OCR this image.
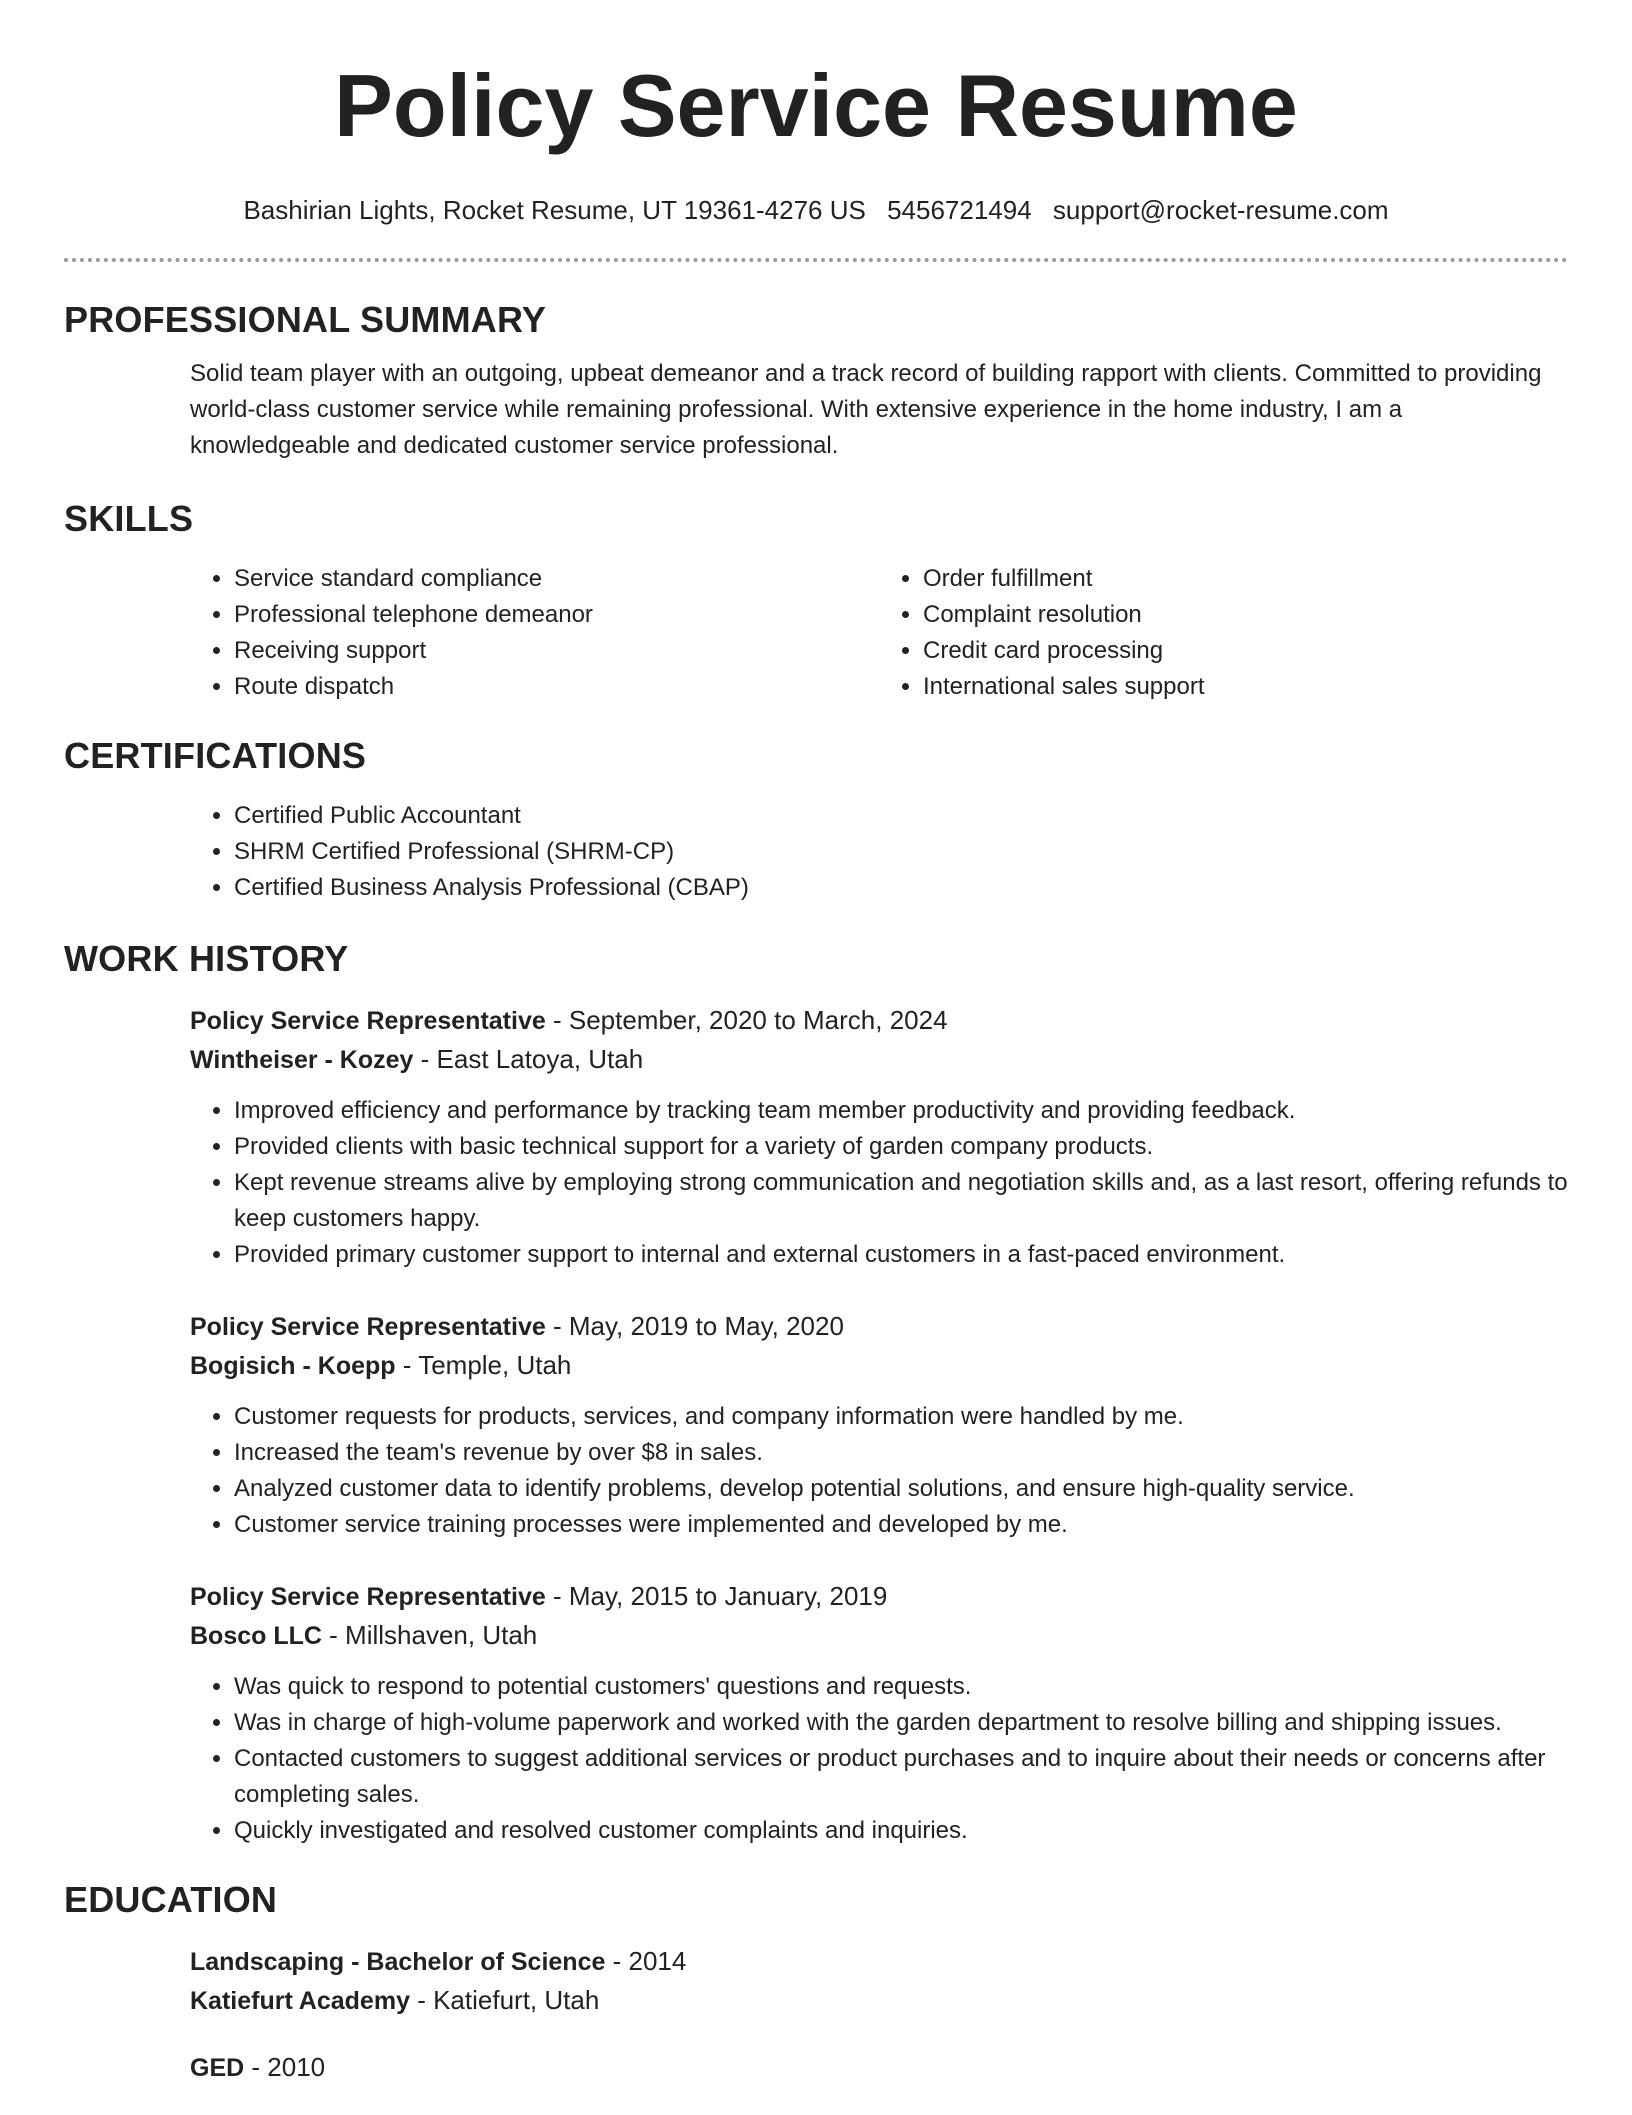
Policy Service Resume
Bashirian Lights, Rocket Resume, UT 19361-4276 US 5456721494 support@rocket-resume.com
PROFESSIONAL SUMMARY

Solid team player with an outgoing, upbeat demeanor and a track record of building rapport with clients. Committed to providing world-class customer service while remaining professional. With extensive experience in the home industry, I am a knowledgeable and dedicated customer service professional.

SKILLS
• Service standard compliance
• Professional telephone demeanor
• Receiving support
• Route dispatch
• Order fulfillment
• Complaint resolution
• Credit card processing
• International sales support
CERTIFICATIONS
• Certified Public Accountant
• SHRM Certified Professional (SHRM-CP)
• Certified Business Analysis Professional (CBAP)
WORK HISTORY
Policy Service Representative - September, 2020 to March, 2024
Wintheiser - Kozey - East Latoya, Utah
• Improved efficiency and performance by tracking team member productivity and providing feedback.
• Provided clients with basic technical support for a variety of garden company products.
• Kept revenue streams alive by employing strong communication and negotiation skills and, as a last resort, offering refunds to keep customers happy.
• Provided primary customer support to internal and external customers in a fast-paced environment.
Policy Service Representative - May, 2019 to May, 2020
Bogisich - Koepp - Temple, Utah
• Customer requests for products, services, and company information were handled by me.
• Increased the team's revenue by over $8 in sales.
• Analyzed customer data to identify problems, develop potential solutions, and ensure high-quality service.
• Customer service training processes were implemented and developed by me.
Policy Service Representative - May, 2015 to January, 2019
Bosco LLC - Millshaven, Utah
• Was quick to respond to potential customers' questions and requests.
• Was in charge of high-volume paperwork and worked with the garden department to resolve billing and shipping issues.
• Contacted customers to suggest additional services or product purchases and to inquire about their needs or concerns after completing sales.
• Quickly investigated and resolved customer complaints and inquiries.
EDUCATION
Landscaping - Bachelor of Science - 2014
Katiefurt Academy - Katiefurt, Utah
GED - 2010
